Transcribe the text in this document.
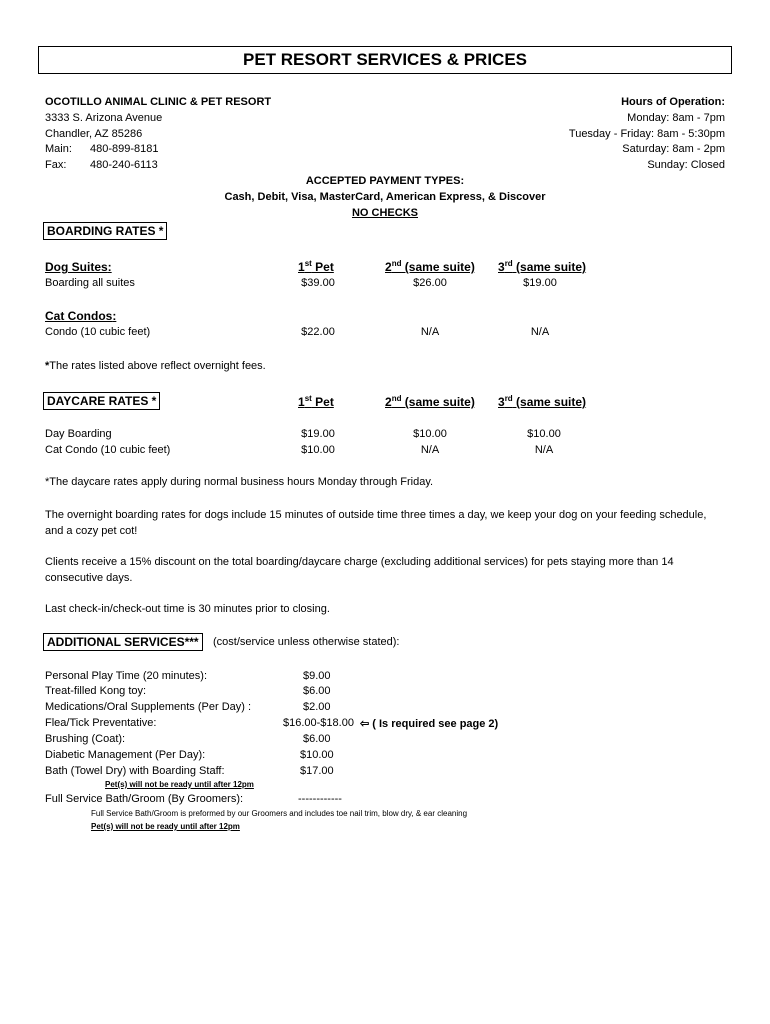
PET RESORT SERVICES & PRICES
OCOTILLO ANIMAL CLINIC & PET RESORT
3333 S. Arizona Avenue
Chandler, AZ 85286
Main: 480-899-8181
Fax: 480-240-6113
Hours of Operation:
Monday: 8am - 7pm
Tuesday - Friday: 8am - 5:30pm
Saturday: 8am - 2pm
Sunday: Closed
ACCEPTED PAYMENT TYPES:
Cash, Debit, Visa, MasterCard, American Express, & Discover
NO CHECKS
BOARDING RATES *
Dog Suites:	1st Pet	2nd (same suite) 3rd (same suite)
Boarding all suites	$39.00	$26.00	$19.00
Cat Condos:
Condo (10 cubic feet)	$22.00	N/A	N/A
*The rates listed above reflect overnight fees.
DAYCARE RATES *	1st Pet	2nd (same suite) 3rd (same suite)
Day Boarding	$19.00	$10.00	$10.00
Cat Condo (10 cubic feet)	$10.00	N/A	N/A
*The daycare rates apply during normal business hours Monday through Friday.
The overnight boarding rates for dogs include 15 minutes of outside time three times a day, we keep your dog on your feeding schedule, and a cozy pet cot!
Clients receive a 15% discount on the total boarding/daycare charge (excluding additional services) for pets staying more than 14 consecutive days.
Last check-in/check-out time is 30 minutes prior to closing.
ADDITIONAL SERVICES***	(cost/service unless otherwise stated):
Personal Play Time (20 minutes):	$9.00
Treat-filled Kong toy:	$6.00
Medications/Oral Supplements (Per Day) :	$2.00
Flea/Tick Preventative:	$16.00-$18.00 ⇦ ( Is required see page 2)
Brushing (Coat):	$6.00
Diabetic Management (Per Day):	$10.00
Bath (Towel Dry) with Boarding Staff:	$17.00
Pet(s) will not be ready until after 12pm
Full Service Bath/Groom (By Groomers):	------------
Full Service Bath/Groom is preformed by our Groomers and includes toe nail trim, blow dry, & ear cleaning
Pet(s) will not be ready until after 12pm
